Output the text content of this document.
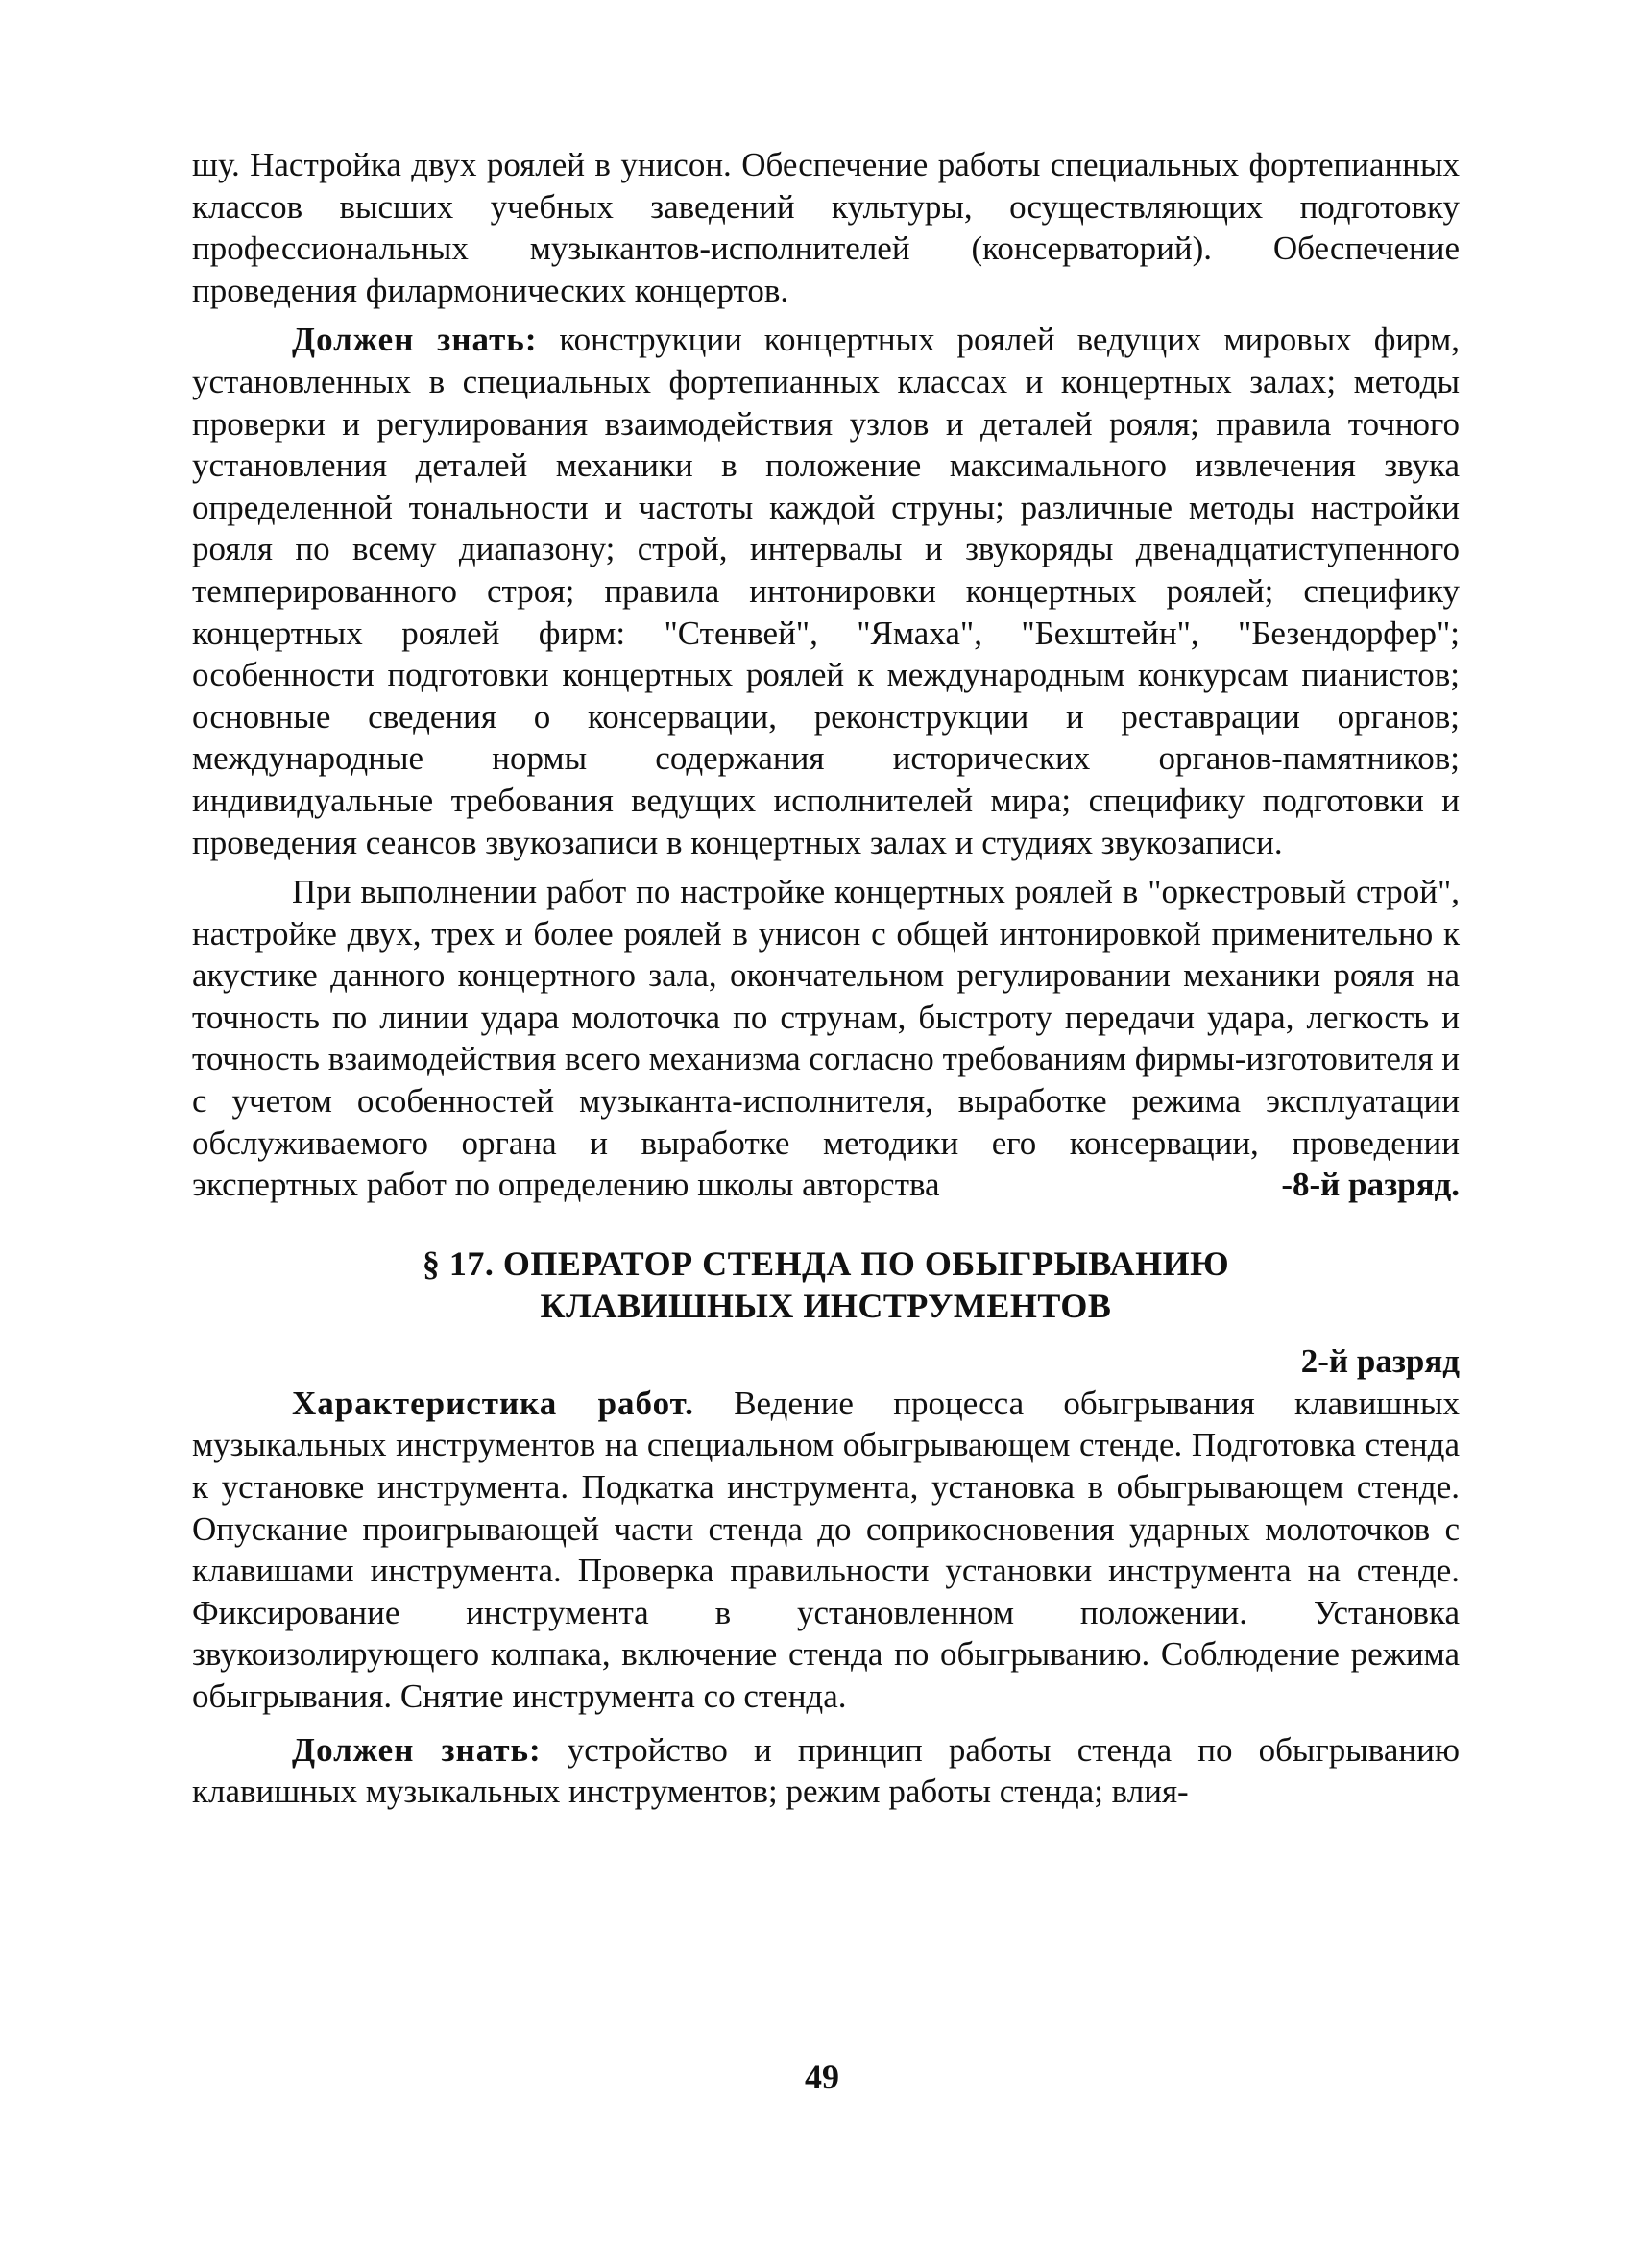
шу. Настройка двух роялей в унисон. Обеспечение работы специальных фортепианных классов высших учебных заведений культуры, осуществляющих подготовку профессиональных музыкантов-исполнителей (консерваторий). Обеспечение проведения филармонических концертов.

Должен знать: конструкции концертных роялей ведущих мировых фирм, установленных в специальных фортепианных классах и концертных залах; методы проверки и регулирования взаимодействия узлов и деталей рояля; правила точного установления деталей механики в положение максимального извлечения звука определенной тональности и частоты каждой струны; различные методы настройки рояля по всему диапазону; строй, интервалы и звукоряды двенадцатиступенного темперированного строя; правила интонировки концертных роялей; специфику концертных роялей фирм: "Стенвей", "Ямаха", "Бехштейн", "Безендорфер"; особенности подготовки концертных роялей к международным конкурсам пианистов; основные сведения о консервации, реконструкции и реставрации органов; международные нормы содержания исторических органов-памятников; индивидуальные требования ведущих исполнителей мира; специфику подготовки и проведения сеансов звукозаписи в концертных залах и студиях звукозаписи.

При выполнении работ по настройке концертных роялей в "оркестровый строй", настройке двух, трех и более роялей в унисон с общей интонировкой применительно к акустике данного концертного зала, окончательном регулировании механики рояля на точность по линии удара молоточка по струнам, быстроту передачи удара, легкость и точность взаимодействия всего механизма согласно требованиям фирмы-изготовителя и с учетом особенностей музыканта-исполнителя, выработке режима эксплуатации обслуживаемого органа и выработке методики его консервации, проведении экспертных работ по определению школы авторства	-8-й разряд.

§ 17. ОПЕРАТОР СТЕНДА ПО ОБЫГРЫВАНИЮ
КЛАВИШНЫХ ИНСТРУМЕНТОВ
2-й разряд

Характеристика работ. Ведение процесса обыгрывания клавишных музыкальных инструментов на специальном обыгрывающем стенде. Подготовка стенда к установке инструмента. Подкатка инструмента, установка в обыгрывающем стенде. Опускание проигрывающей части стенда до соприкосновения ударных молоточков с клавишами инструмента. Проверка правильности установки инструмента на стенде. Фиксирование инструмента в установленном положении. Установка звукоизолирующего колпака, включение стенда по обыгрыванию. Соблюдение режима обыгрывания. Снятие инструмента со стенда.

Должен знать: устройство и принцип работы стенда по обыгрыванию клавишных музыкальных инструментов; режим работы стенда; влия-

49
